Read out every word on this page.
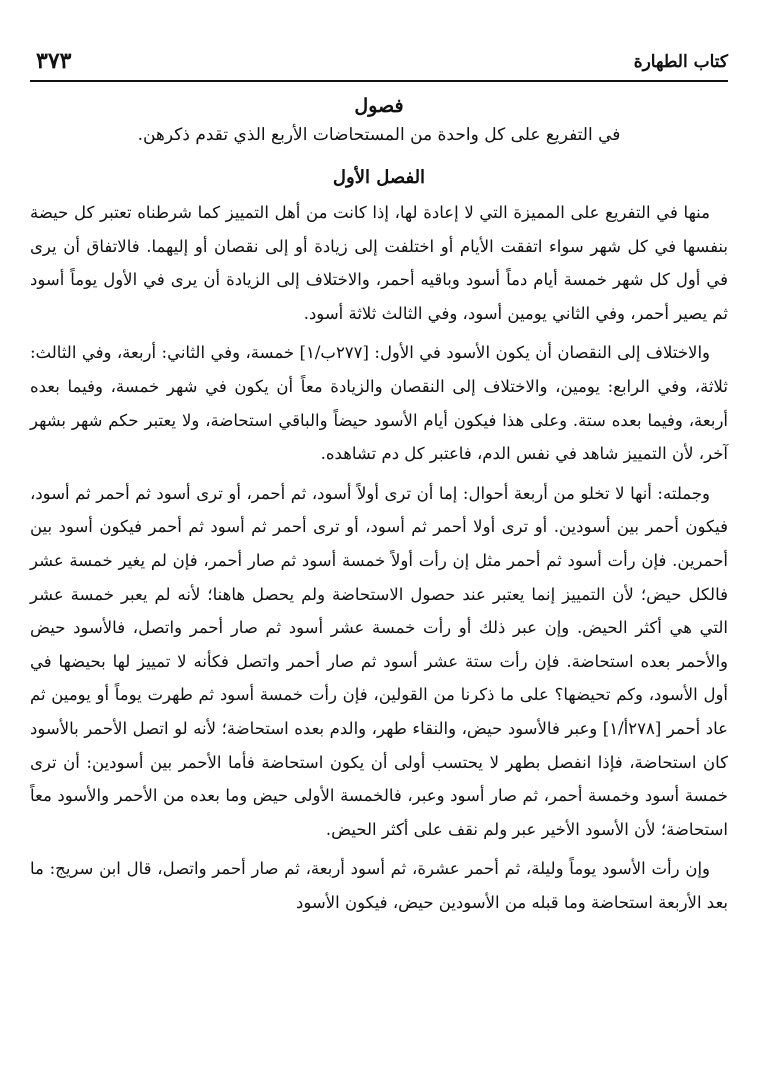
كتاب الطهارة
٣٧٣
فصول
في التفريع على كل واحدة من المستحاضات الأربع الذي تقدم ذكرهن.
الفصل الأول

منها في التفريع على المميزة التي لا إعادة لها، إذا كانت من أهل التمييز كما شرطناه تعتبر كل حيضة بنفسها في كل شهر سواء اتفقت الأيام أو اختلفت إلى زيادة أو إلى نقصان أو إليهما. فالاتفاق أن يرى في أول كل شهر خمسة أيام دماً أسود وباقيه أحمر، والاختلاف إلى الزيادة أن يرى في الأول يوماً أسود ثم يصير أحمر، وفي الثاني يومين أسود، وفي الثالث ثلاثة أسود.

والاختلاف إلى النقصان أن يكون الأسود في الأول: [٢٧٧ب/١] خمسة، وفي الثاني: أربعة، وفي الثالث: ثلاثة، وفي الرابع: يومين، والاختلاف إلى النقصان والزيادة معاً أن يكون في شهر خمسة، وفيما بعده أربعة، وفيما بعده ستة. وعلى هذا فيكون أيام الأسود حيضاً والباقي استحاضة، ولا يعتبر حكم شهر بشهر آخر، لأن التمييز شاهد في نفس الدم، فاعتبر كل دم تشاهده.

وجملته: أنها لا تخلو من أربعة أحوال: إما أن ترى أولاً أسود، ثم أحمر، أو ترى أسود ثم أحمر ثم أسود، فيكون أحمر بين أسودين. أو ترى أولا أحمر ثم أسود، أو ترى أحمر ثم أسود ثم أحمر فيكون أسود بين أحمرين. فإن رأت أسود ثم أحمر مثل إن رأت أولاً خمسة أسود ثم صار أحمر، فإن لم يغير خمسة عشر فالكل حيض؛ لأن التمييز إنما يعتبر عند حصول الاستحاضة ولم يحصل هاهنا؛ لأنه لم يعبر خمسة عشر التي هي أكثر الحيض. وإن عبر ذلك أو رأت خمسة عشر أسود ثم صار أحمر واتصل، فالأسود حيض والأحمر بعده استحاضة. فإن رأت ستة عشر أسود ثم صار أحمر واتصل فكأنه لا تمييز لها بحيضها في أول الأسود، وكم تحيضها؟ على ما ذكرنا من القولين، فإن رأت خمسة أسود ثم طهرت يوماً أو يومين ثم عاد أحمر [٢٧٨أ/١] وعبر فالأسود حيض، والنقاء طهر، والدم بعده استحاضة؛ لأنه لو اتصل الأحمر بالأسود كان استحاضة، فإذا انفصل بطهر لا يحتسب أولى أن يكون استحاضة فأما الأحمر بين أسودين: أن ترى خمسة أسود وخمسة أحمر، ثم صار أسود وعبر، فالخمسة الأولى حيض وما بعده من الأحمر والأسود معاً استحاضة؛ لأن الأسود الأخير عبر ولم نقف على أكثر الحيض.

وإن رأت الأسود يوماً وليلة، ثم أحمر عشرة، ثم أسود أربعة، ثم صار أحمر واتصل، قال ابن سريج: ما بعد الأربعة استحاضة وما قبله من الأسودين حيض، فيكون الأسود
